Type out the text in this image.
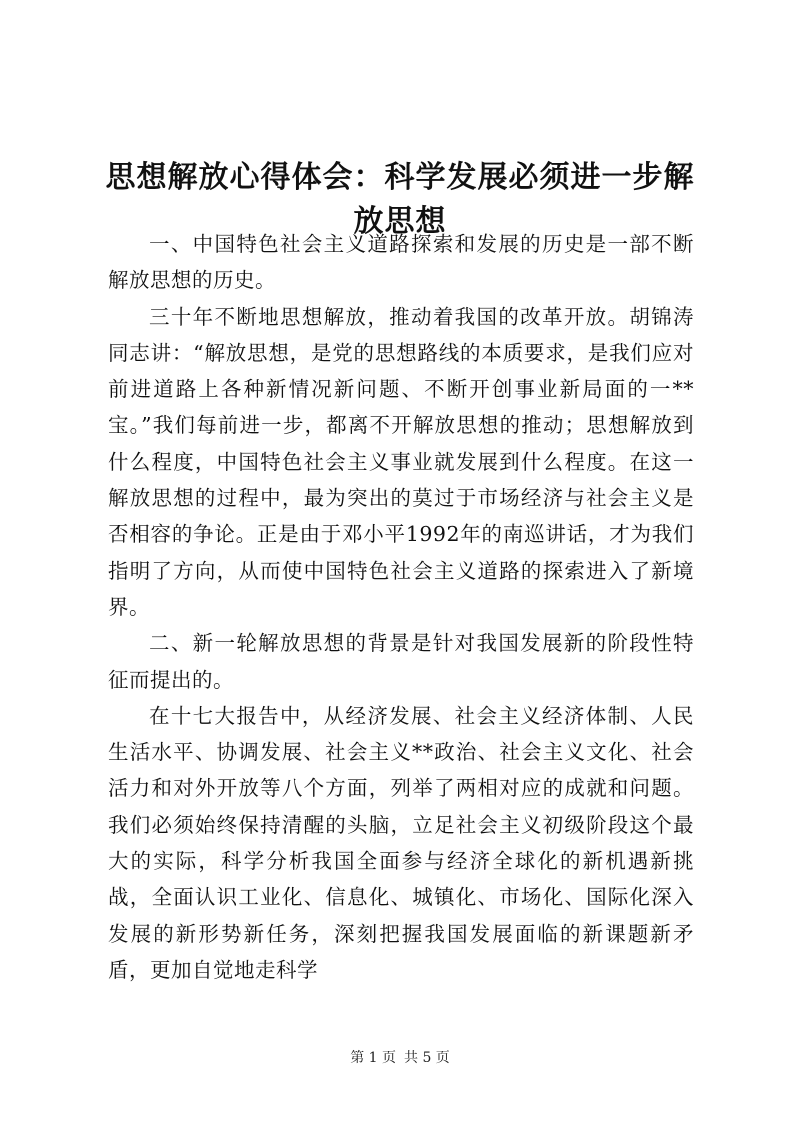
思想解放心得体会：科学发展必须进一步解放思想

一、中国特色社会主义道路探索和发展的历史是一部不断解放思想的历史。

三十年不断地思想解放，推动着我国的改革开放。胡锦涛同志讲：“解放思想，是党的思想路线的本质要求，是我们应对前进道路上各种新情况新问题、不断开创事业新局面的一**宝。”我们每前进一步，都离不开解放思想的推动；思想解放到什么程度，中国特色社会主义事业就发展到什么程度。在这一解放思想的过程中，最为突出的莫过于市场经济与社会主义是否相容的争论。正是由于邓小平1992年的南巡讲话，才为我们指明了方向，从而使中国特色社会主义道路的探索进入了新境界。

二、新一轮解放思想的背景是针对我国发展新的阶段性特征而提出的。

在十七大报告中，从经济发展、社会主义经济体制、人民生活水平、协调发展、社会主义**政治、社会主义文化、社会活力和对外开放等八个方面，列举了两相对应的成就和问题。我们必须始终保持清醒的头脑，立足社会主义初级阶段这个最大的实际，科学分析我国全面参与经济全球化的新机遇新挑战，全面认识工业化、信息化、城镇化、市场化、国际化深入发展的新形势新任务，深刻把握我国发展面临的新课题新矛盾，更加自觉地走科学

第 1 页 共 5 页
